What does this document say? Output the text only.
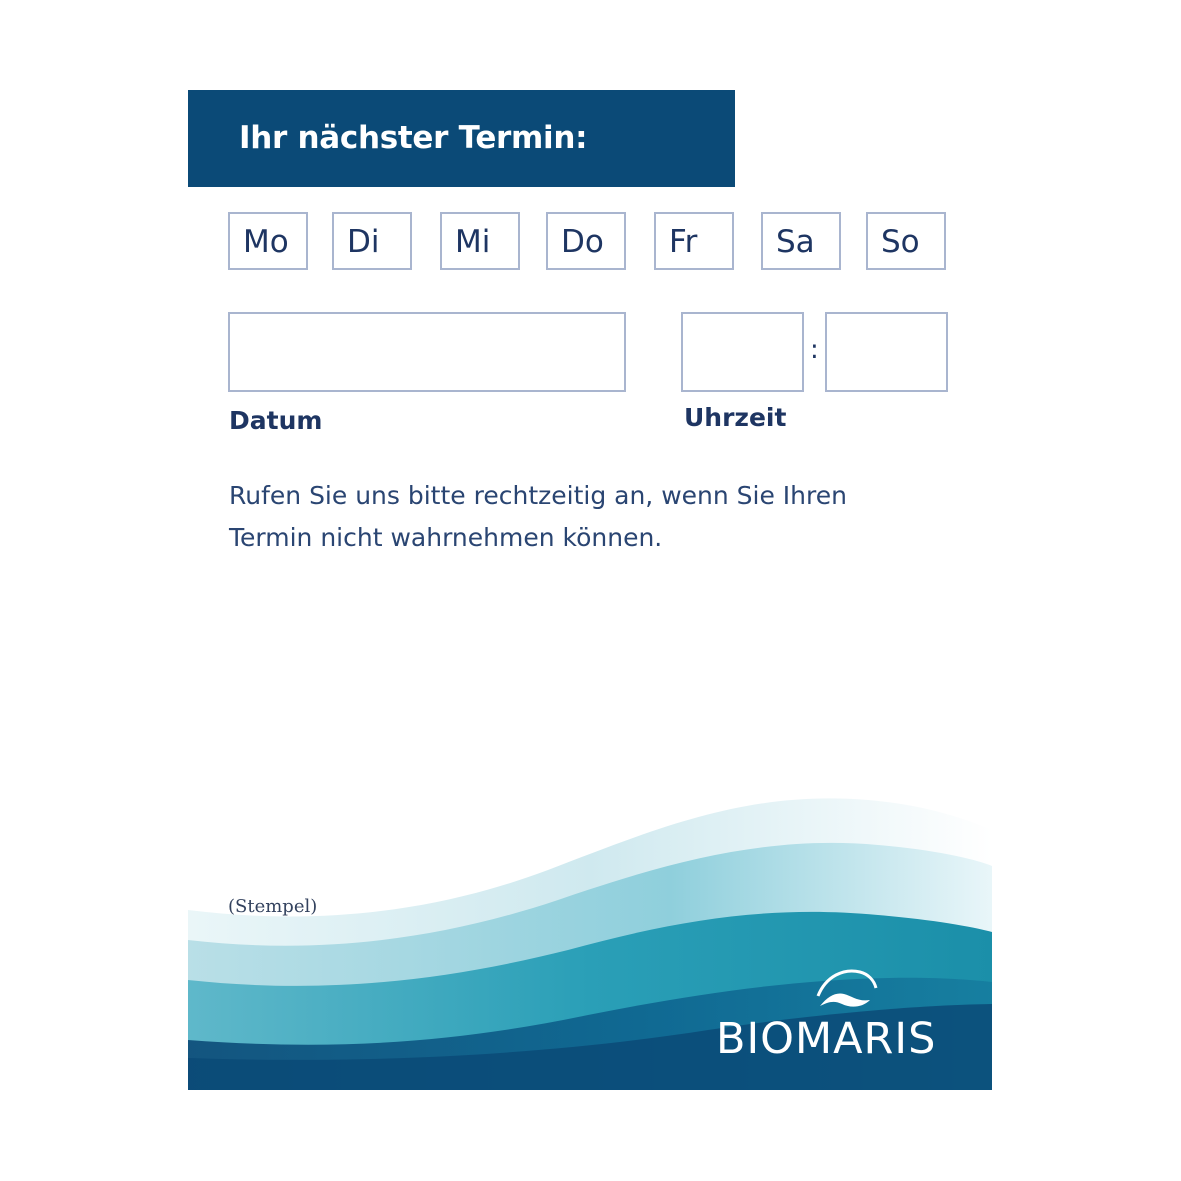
Ihr nächster Termin:
Mo Di Mi Do Fr	Sa So
Datum
:
Uhrzeit
Rufen Sie uns bitte rechtzeitig an, wenn Sie Ihren
Termin nicht wahrnehmen können.
(Stempel)
BIOMARIS
